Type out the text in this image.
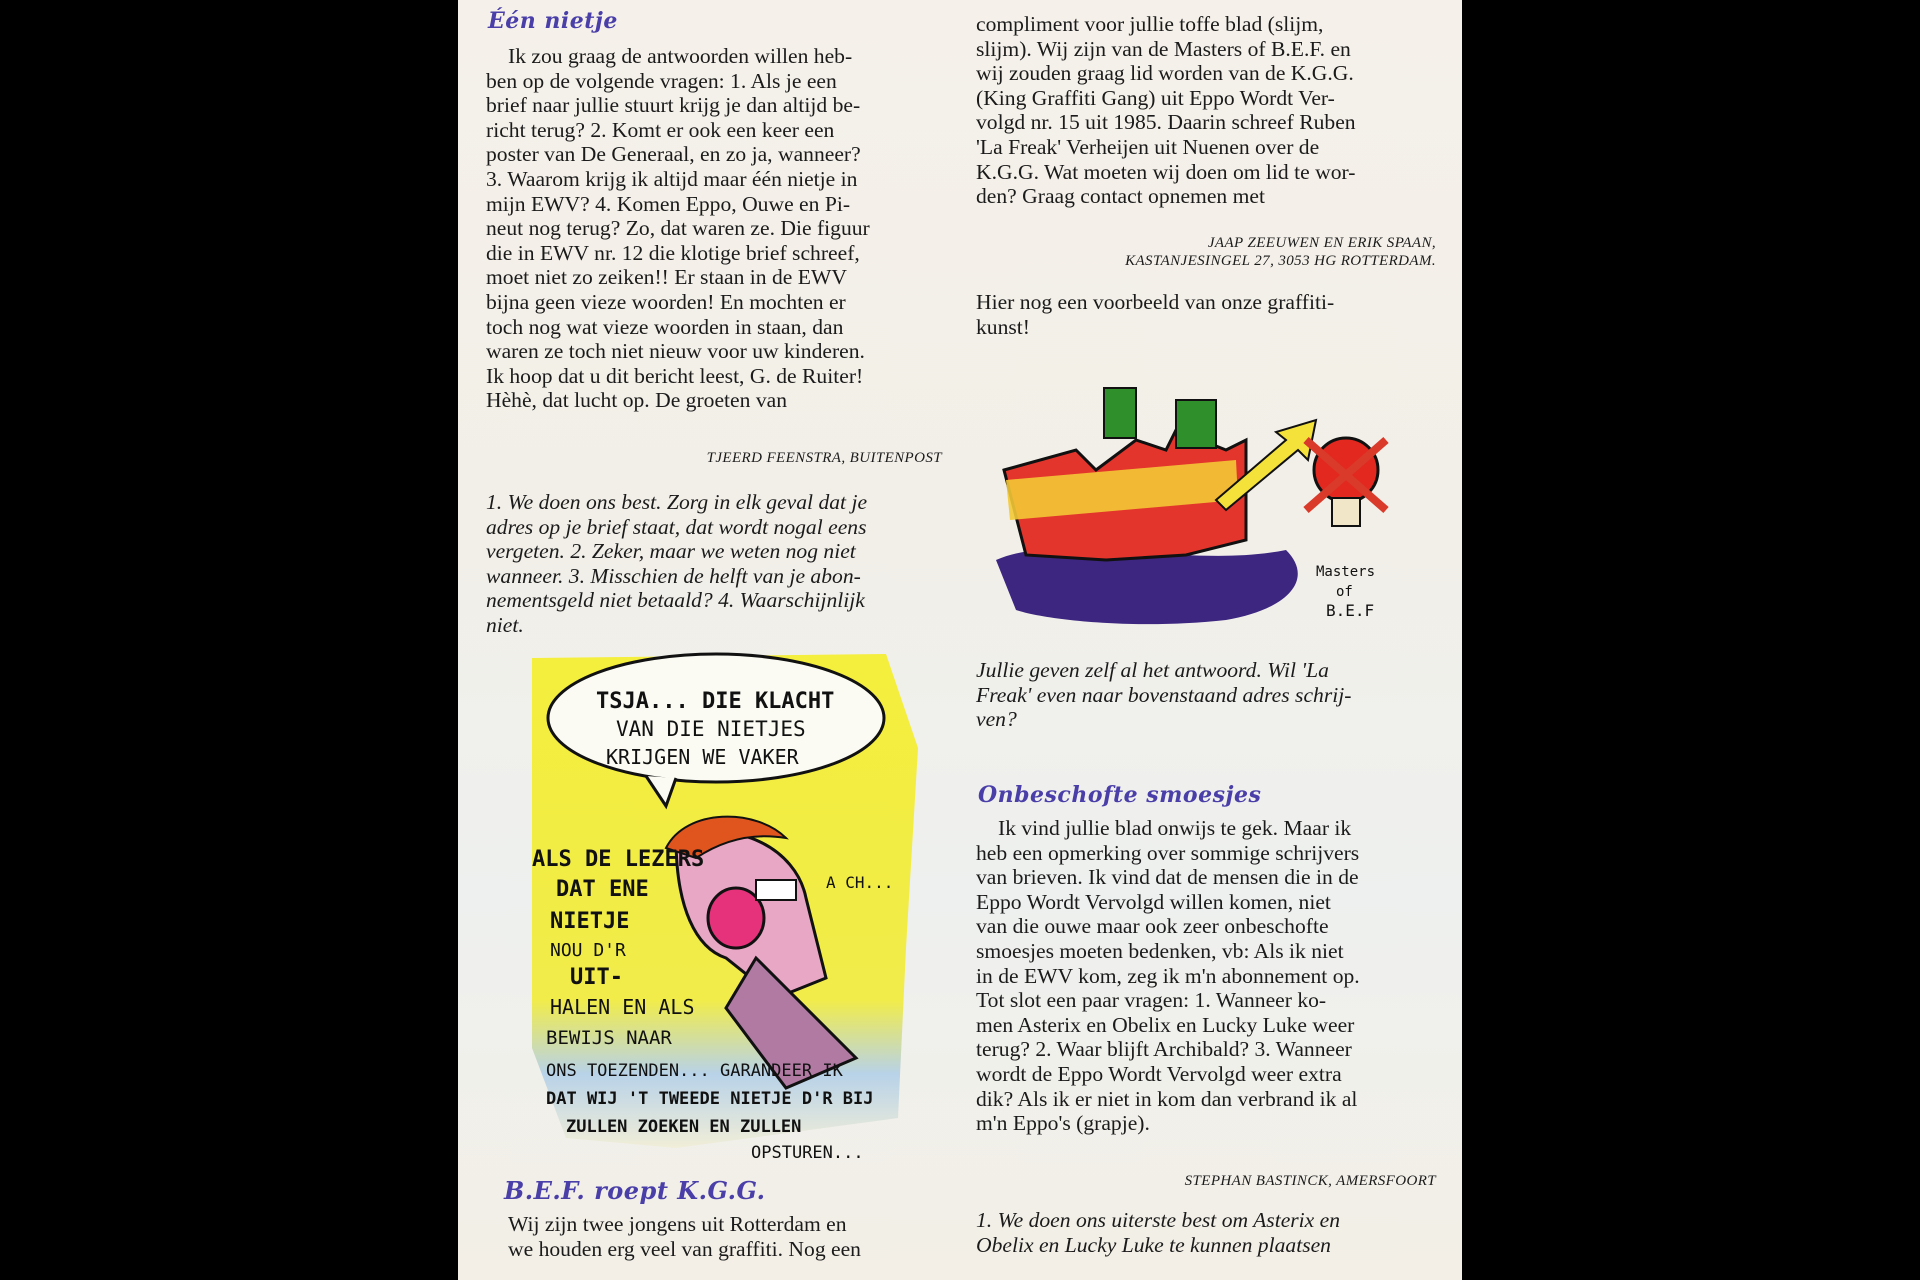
Één nietje
Ik zou graag de antwoorden willen heb-
ben op de volgende vragen: 1. Als je een
brief naar jullie stuurt krijg je dan altijd be-
richt terug? 2. Komt er ook een keer een
poster van De Generaal, en zo ja, wanneer?
3. Waarom krijg ik altijd maar één nietje in
mijn EWV? 4. Komen Eppo, Ouwe en Pi-
neut nog terug? Zo, dat waren ze. Die figuur
die in EWV nr. 12 die klotige brief schreef,
moet niet zo zeiken!! Er staan in de EWV
bijna geen vieze woorden! En mochten er
toch nog wat vieze woorden in staan, dan
waren ze toch niet nieuw voor uw kinderen.
Ik hoop dat u dit bericht leest, G. de Ruiter!
Hèhè, dat lucht op. De groeten van
TJEERD FEENSTRA, BUITENPOST
1. We doen ons best. Zorg in elk geval dat je
adres op je brief staat, dat wordt nogal eens
vergeten. 2. Zeker, maar we weten nog niet
wanneer. 3. Misschien de helft van je abon-
nementsgeld niet betaald? 4. Waarschijnlijk
niet.
TSJA... DIE KLACHT
VAN DIE NIETJES
KRIJGEN WE VAKER
ALS DE LEZERS
DAT ENE
NIETJE
NOU D'R
UIT-
HALEN EN ALS
BEWIJS NAAR
ONS TOEZENDEN... GARANDEER IK
DAT WIJ 'T TWEEDE NIETJE D'R BIJ
ZULLEN ZOEKEN EN ZULLEN
OPSTUREN...
A CH...
B.E.F. roept K.G.G.
Wij zijn twee jongens uit Rotterdam en
we houden erg veel van graffiti. Nog een
compliment voor jullie toffe blad (slijm,
slijm). Wij zijn van de Masters of B.E.F. en
wij zouden graag lid worden van de K.G.G.
(King Graffiti Gang) uit Eppo Wordt Ver-
volgd nr. 15 uit 1985. Daarin schreef Ruben
'La Freak' Verheijen uit Nuenen over de
K.G.G. Wat moeten wij doen om lid te wor-
den? Graag contact opnemen met
JAAP ZEEUWEN EN ERIK SPAAN,
KASTANJESINGEL 27, 3053 HG ROTTERDAM.
Hier nog een voorbeeld van onze graffiti-
kunst!
Masters
of
B.E.F
Jullie geven zelf al het antwoord. Wil 'La
Freak' even naar bovenstaand adres schrij-
ven?
Onbeschofte smoesjes
Ik vind jullie blad onwijs te gek. Maar ik
heb een opmerking over sommige schrijvers
van brieven. Ik vind dat de mensen die in de
Eppo Wordt Vervolgd willen komen, niet
van die ouwe maar ook zeer onbeschofte
smoesjes moeten bedenken, vb: Als ik niet
in de EWV kom, zeg ik m'n abonnement op.
Tot slot een paar vragen: 1. Wanneer ko-
men Asterix en Obelix en Lucky Luke weer
terug? 2. Waar blijft Archibald? 3. Wanneer
wordt de Eppo Wordt Vervolgd weer extra
dik? Als ik er niet in kom dan verbrand ik al
m'n Eppo's (grapje).
STEPHAN BASTINCK, AMERSFOORT
1. We doen ons uiterste best om Asterix en
Obelix en Lucky Luke te kunnen plaatsen
